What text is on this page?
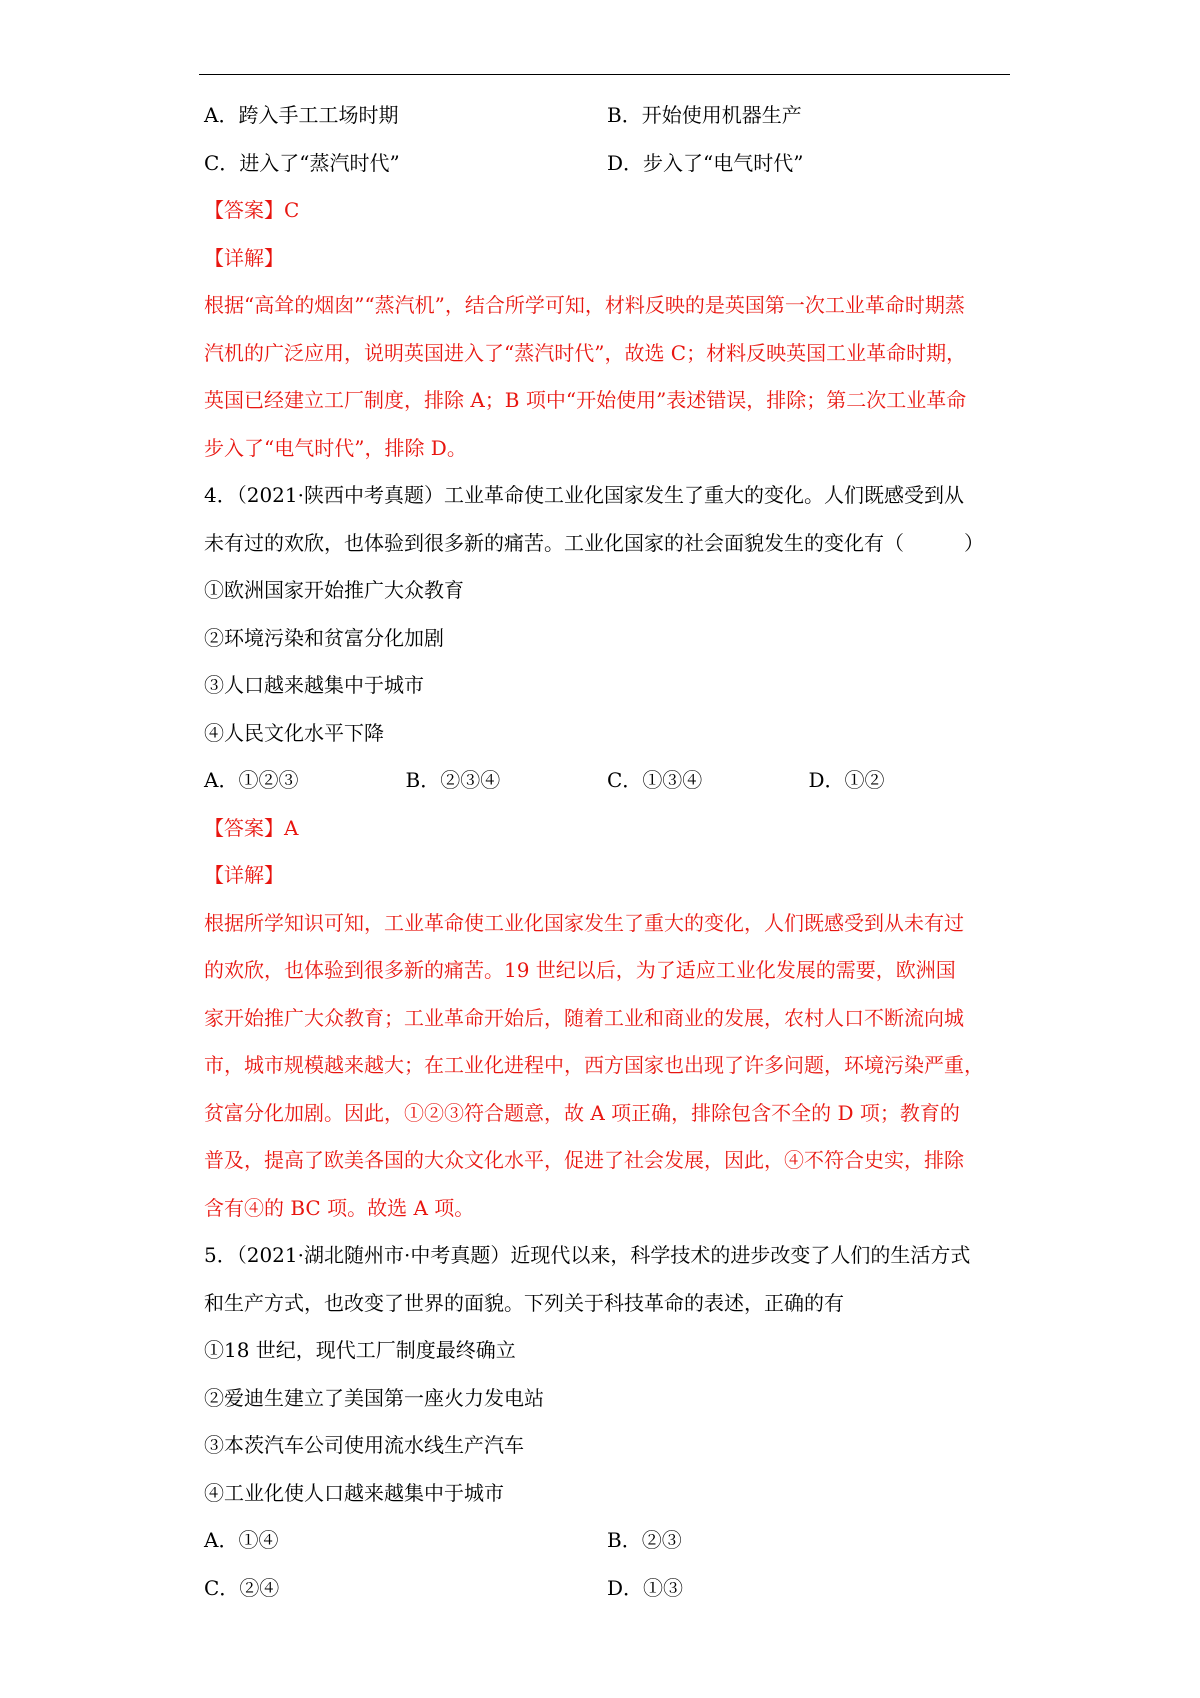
A．跨入手工工场时期	B．开始使用机器生产
C．进入了“蒸汽时代”	D．步入了“电气时代”
【答案】C
【详解】
根据“高耸的烟囱”“蒸汽机”，结合所学可知，材料反映的是英国第一次工业革命时期蒸
汽机的广泛应用，说明英国进入了“蒸汽时代”，故选 C；材料反映英国工业革命时期，
英国已经建立工厂制度，排除 A；B 项中“开始使用”表述错误，排除；第二次工业革命
步入了“电气时代”，排除 D。
4．（2021·陕西中考真题）工业革命使工业化国家发生了重大的变化。人们既感受到从
未有过的欢欣，也体验到很多新的痛苦。工业化国家的社会面貌发生的变化有（　　　）
①欧洲国家开始推广大众教育
②环境污染和贫富分化加剧
③人口越来越集中于城市
④人民文化水平下降
A．①②③	B．②③④	C．①③④	D．①②
【答案】A
【详解】
根据所学知识可知，工业革命使工业化国家发生了重大的变化，人们既感受到从未有过
的欢欣，也体验到很多新的痛苦。19 世纪以后，为了适应工业化发展的需要，欧洲国
家开始推广大众教育；工业革命开始后，随着工业和商业的发展，农村人口不断流向城
市，城市规模越来越大；在工业化进程中，西方国家也出现了许多问题，环境污染严重，
贫富分化加剧。因此，①②③符合题意，故 A 项正确，排除包含不全的 D 项；教育的
普及，提高了欧美各国的大众文化水平，促进了社会发展，因此，④不符合史实，排除
含有④的 BC 项。故选 A 项。
5．（2021·湖北随州市·中考真题）近现代以来，科学技术的进步改变了人们的生活方式
和生产方式，也改变了世界的面貌。下列关于科技革命的表述，正确的有
①18 世纪，现代工厂制度最终确立
②爱迪生建立了美国第一座火力发电站
③本茨汽车公司使用流水线生产汽车
④工业化使人口越来越集中于城市
A．①④	B．②③
C．②④	D．①③
